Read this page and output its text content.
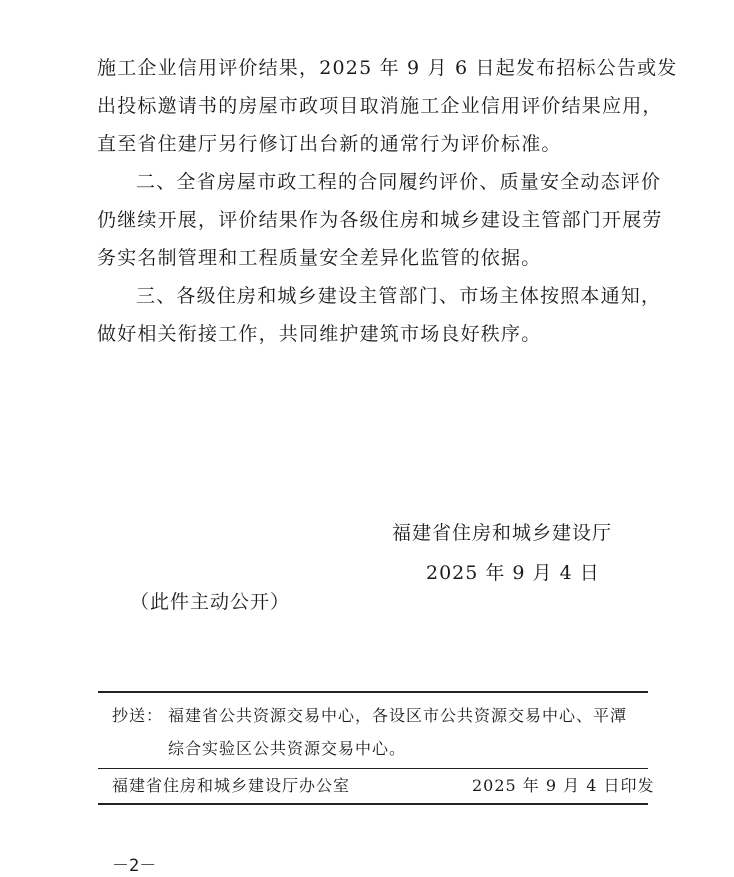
施工企业信用评价结果，2025 年 9 月 6 日起发布招标公告或发
出投标邀请书的房屋市政项目取消施工企业信用评价结果应用，
直至省住建厅另行修订出台新的通常行为评价标准。
二、全省房屋市政工程的合同履约评价、质量安全动态评价
仍继续开展，评价结果作为各级住房和城乡建设主管部门开展劳
务实名制管理和工程质量安全差异化监管的依据。
三、各级住房和城乡建设主管部门、市场主体按照本通知，
做好相关衔接工作，共同维护建筑市场良好秩序。
福建省住房和城乡建设厅
2025 年 9 月 4 日
（此件主动公开）
抄送： 福建省公共资源交易中心，各设区市公共资源交易中心、平潭
综合实验区公共资源交易中心。
福建省住房和城乡建设厅办公室	2025 年 9 月 4 日印发
－2－
